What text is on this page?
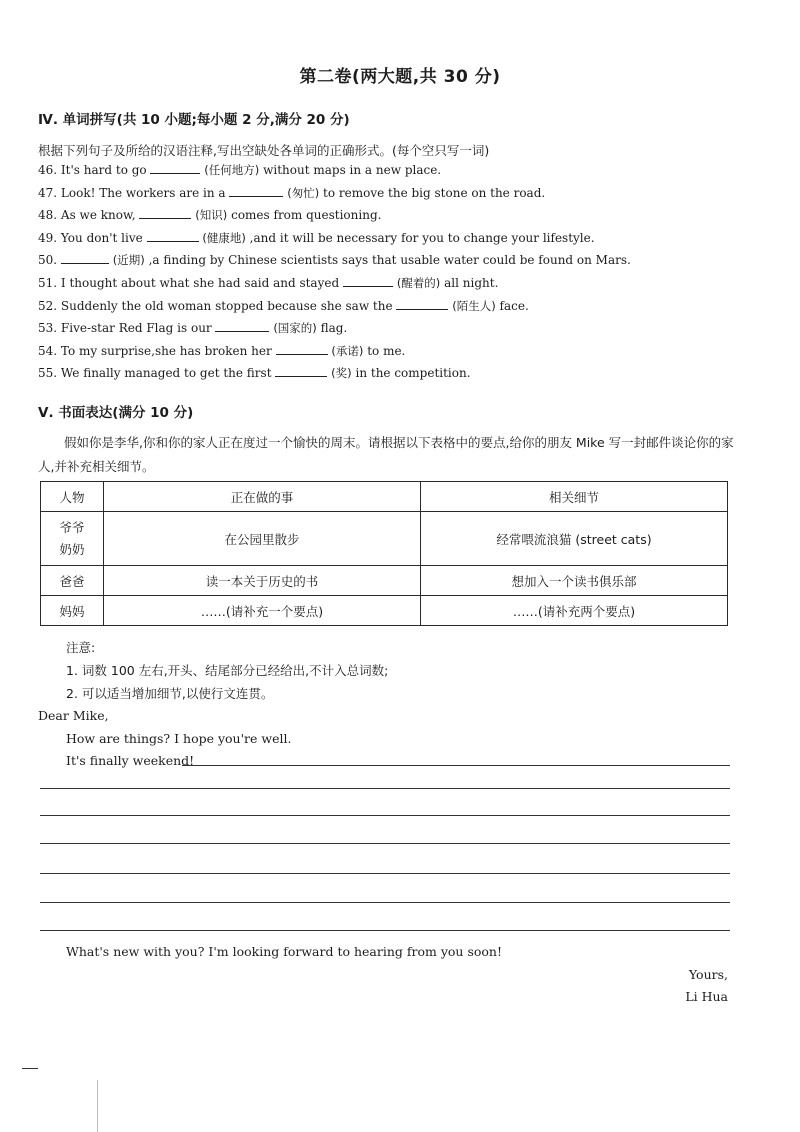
第二卷(两大题,共 30 分)
Ⅳ. 单词拼写(共 10 小题;每小题 2 分,满分 20 分)
根据下列句子及所给的汉语注释,写出空缺处各单词的正确形式。(每个空只写一词)
46. It's hard to go	(任何地方) without maps in a new place.
47. Look! The workers are in a	(匆忙) to remove the big stone on the road.
48. As we know,	(知识) comes from questioning.
49. You don't live	(健康地) ,and it will be necessary for you to change your lifestyle.
50.	(近期) ,a finding by Chinese scientists says that usable water could be found on Mars.
51. I thought about what she had said and stayed	(醒着的) all night.
52. Suddenly the old woman stopped because she saw the	(陌生人) face.
53. Five-star Red Flag is our	(国家的) flag.
54. To my surprise,she has broken her	(承诺) to me.
55. We finally managed to get the first	(奖) in the competition.
Ⅴ. 书面表达(满分 10 分)
假如你是李华,你和你的家人正在度过一个愉快的周末。请根据以下表格中的要点,给你的朋友 Mike 写一封邮件谈论你的家人,并补充相关细节。
人物	正在做的事	相关细节
爷爷
奶奶	在公园里散步	经常喂流浪猫 (street cats)
爸爸	读一本关于历史的书	想加入一个读书俱乐部
妈妈	……(请补充一个要点)	……(请补充两个要点)
注意:
1. 词数 100 左右,开头、结尾部分已经给出,不计入总词数;
2. 可以适当增加细节,以使行文连贯。
Dear Mike,
How are things? I hope you're well.
It's finally weekend!
What's new with you? I'm looking forward to hearing from you soon!
Yours,
Li Hua
